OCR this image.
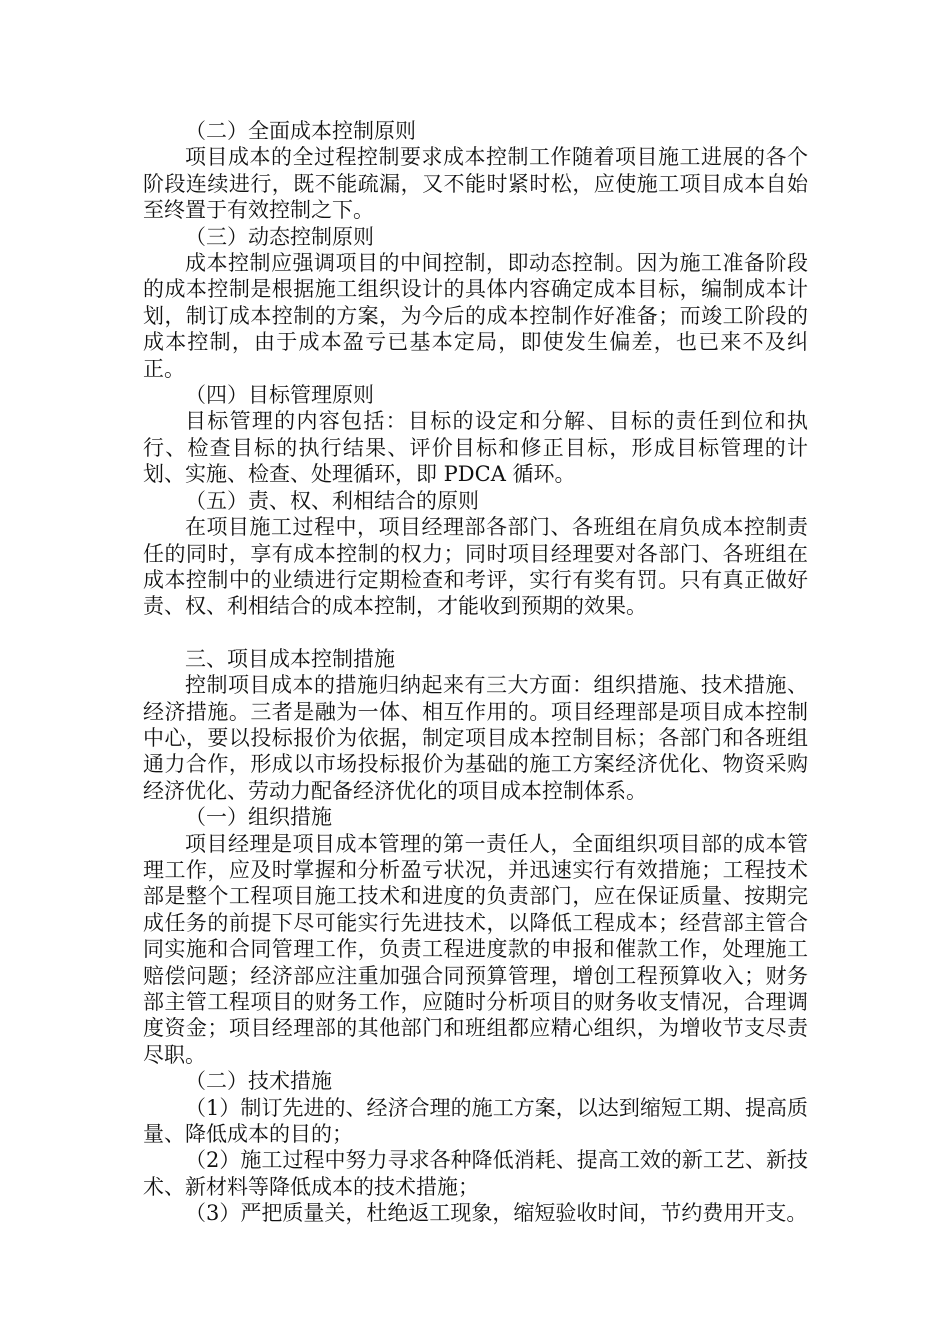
（二）全面成本控制原则

项目成本的全过程控制要求成本控制工作随着项目施工进展的各个阶段连续进行，既不能疏漏，又不能时紧时松，应使施工项目成本自始至终置于有效控制之下。

（三）动态控制原则

成本控制应强调项目的中间控制，即动态控制。因为施工准备阶段的成本控制是根据施工组织设计的具体内容确定成本目标，编制成本计划，制订成本控制的方案，为今后的成本控制作好准备；而竣工阶段的成本控制，由于成本盈亏已基本定局，即使发生偏差，也已来不及纠正。

（四）目标管理原则

目标管理的内容包括：目标的设定和分解、目标的责任到位和执行、检查目标的执行结果、评价目标和修正目标，形成目标管理的计划、实施、检查、处理循环，即 PDCA 循环。

（五）责、权、利相结合的原则

在项目施工过程中，项目经理部各部门、各班组在肩负成本控制责任的同时，享有成本控制的权力；同时项目经理要对各部门、各班组在成本控制中的业绩进行定期检查和考评，实行有奖有罚。只有真正做好责、权、利相结合的成本控制，才能收到预期的效果。

三、项目成本控制措施

控制项目成本的措施归纳起来有三大方面：组织措施、技术措施、经济措施。三者是融为一体、相互作用的。项目经理部是项目成本控制中心，要以投标报价为依据，制定项目成本控制目标；各部门和各班组通力合作，形成以市场投标报价为基础的施工方案经济优化、物资采购经济优化、劳动力配备经济优化的项目成本控制体系。

（一）组织措施

项目经理是项目成本管理的第一责任人，全面组织项目部的成本管理工作，应及时掌握和分析盈亏状况，并迅速实行有效措施；工程技术部是整个工程项目施工技术和进度的负责部门，应在保证质量、按期完成任务的前提下尽可能实行先进技术，以降低工程成本；经营部主管合同实施和合同管理工作，负责工程进度款的申报和催款工作，处理施工赔偿问题；经济部应注重加强合同预算管理，增创工程预算收入；财务部主管工程项目的财务工作，应随时分析项目的财务收支情况，合理调度资金；项目经理部的其他部门和班组都应精心组织，为增收节支尽责尽职。

（二）技术措施

（1）制订先进的、经济合理的施工方案，以达到缩短工期、提高质量、降低成本的目的；

（2）施工过程中努力寻求各种降低消耗、提高工效的新工艺、新技术、新材料等降低成本的技术措施；

（3）严把质量关，杜绝返工现象，缩短验收时间，节约费用开支。
